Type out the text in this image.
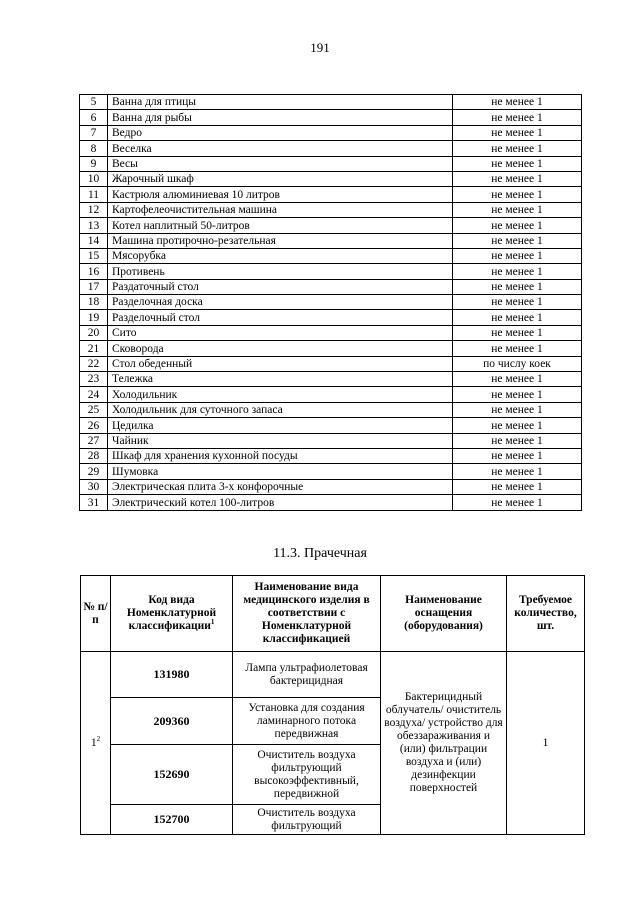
191
5	Ванна для птицы	не менее 1
6	Ванна для рыбы	не менее 1
7	Ведро	не менее 1
8	Веселка	не менее 1
9	Весы	не менее 1
10	Жарочный шкаф	не менее 1
11	Кастрюля алюминиевая 10 литров	не менее 1
12	Картофелеочистительная машина	не менее 1
13	Котел наплитный 50-литров	не менее 1
14	Машина протирочно-резательная	не менее 1
15	Мясорубка	не менее 1
16	Противень	не менее 1
17	Раздаточный стол	не менее 1
18	Разделочная доска	не менее 1
19	Разделочный стол	не менее 1
20	Сито	не менее 1
21	Сковорода	не менее 1
22	Стол обеденный	по числу коек
23	Тележка	не менее 1
24	Холодильник	не менее 1
25	Холодильник для суточного запаса	не менее 1
26	Цедилка	не менее 1
27	Чайник	не менее 1
28	Шкаф для хранения кухонной посуды	не менее 1
29	Шумовка	не менее 1
30	Электрическая плита 3-х конфорочные	не менее 1
31	Электрический котел 100-литров	не менее 1
11.3. Прачечная
№ п/п	Код вида Номенклатурной классификации$^1$	Наименование вида медицинского изделия в соответствии с Номенклатурной классификацией	Наименование оснащения (оборудования)	Требуемое количество, шт.
$1^2$	131980	Лампа ультрафиолетовая бактерицидная	Бактерицидный облучатель/ очиститель воздуха/ устройство для обеззараживания и (или) фильтрации воздуха и (или) дезинфекции поверхностей	1
	209360	Установка для создания ламинарного потока передвижная		
	152690	Очиститель воздуха фильтрующий высокоэффективный, передвижной		
	152700	Очиститель воздуха фильтрующий		
